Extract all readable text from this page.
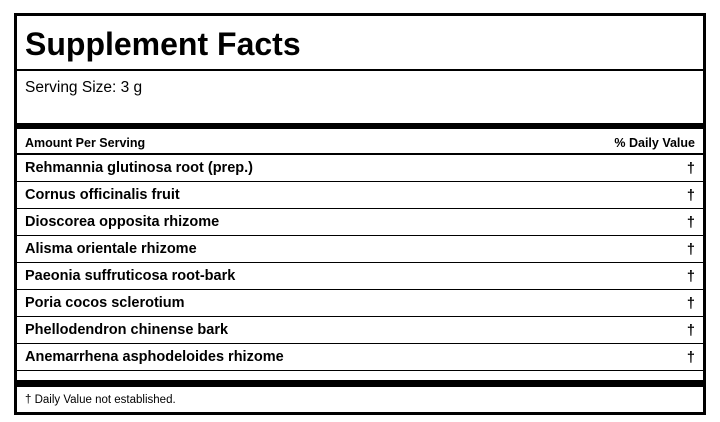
Supplement Facts
Serving Size: 3 g
Amount Per Serving	% Daily Value
Rehmannia glutinosa root (prep.)	†
Cornus officinalis fruit	†
Dioscorea opposita rhizome	†
Alisma orientale rhizome	†
Paeonia suffruticosa root-bark	†
Poria cocos sclerotium	†
Phellodendron chinense bark	†
Anemarrhena asphodeloides rhizome	†
† Daily Value not established.
